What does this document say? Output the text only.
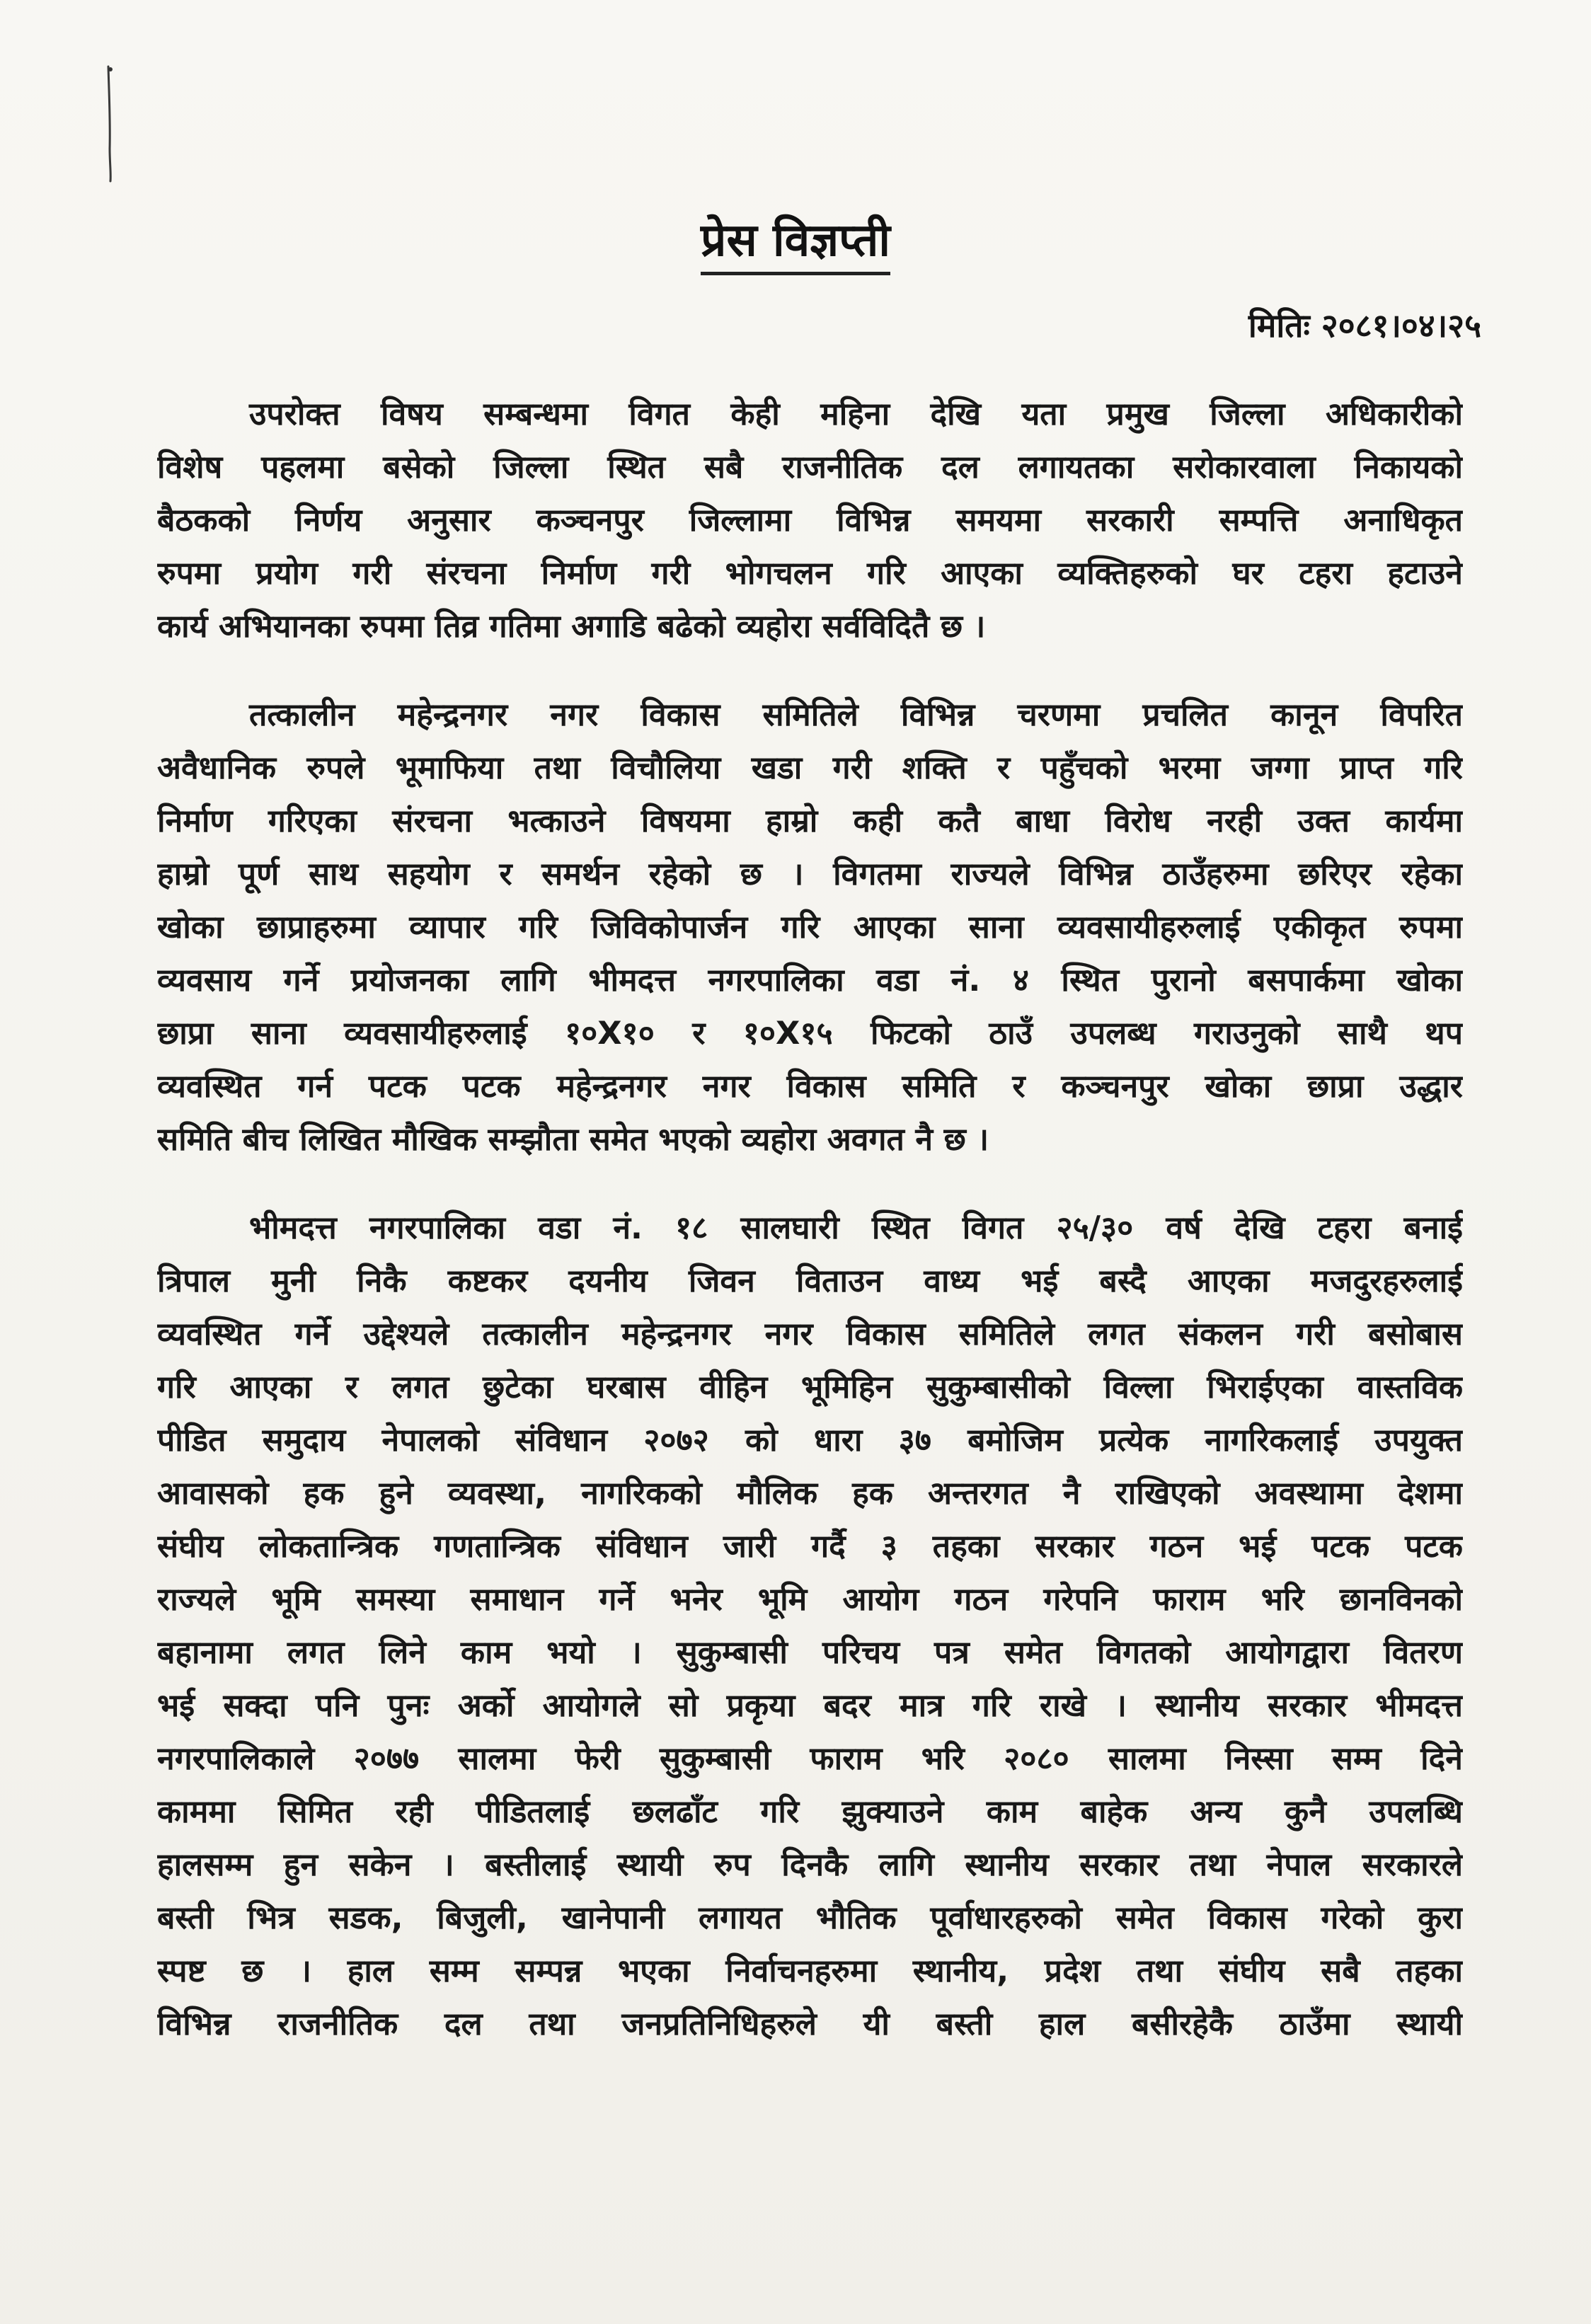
प्रेस विज्ञप्ती
मितिः २०८१।०४।२५
उपरोक्त विषय सम्बन्धमा विगत केही महिना देखि यता प्रमुख जिल्ला अधिकारीको
विशेष पहलमा बसेको जिल्ला स्थित सबै राजनीतिक दल लगायतका सरोकारवाला निकायको
बैठकको निर्णय अनुसार कञ्चनपुर जिल्लामा विभिन्न समयमा सरकारी सम्पत्ति अनाधिकृत
रुपमा प्रयोग गरी संरचना निर्माण गरी भोगचलन गरि आएका व्यक्तिहरुको घर टहरा हटाउने
कार्य अभियानका रुपमा तिव्र गतिमा अगाडि बढेको व्यहोरा सर्वविदितै छ ।
तत्कालीन महेन्द्रनगर नगर विकास समितिले विभिन्न चरणमा प्रचलित कानून विपरित
अवैधानिक रुपले भूमाफिया तथा विचौलिया खडा गरी शक्ति र पहुँचको भरमा जग्गा प्राप्त गरि
निर्माण गरिएका संरचना भत्काउने विषयमा हाम्रो कही कतै बाधा विरोध नरही उक्त कार्यमा
हाम्रो पूर्ण साथ सहयोग र समर्थन रहेको छ । विगतमा राज्यले विभिन्न ठाउँहरुमा छरिएर रहेका
खोका छाप्राहरुमा व्यापार गरि जिविकोपार्जन गरि आएका साना व्यवसायीहरुलाई एकीकृत रुपमा
व्यवसाय गर्ने प्रयोजनका लागि भीमदत्त नगरपालिका वडा नं. ४ स्थित पुरानो बसपार्कमा खोका
छाप्रा साना व्यवसायीहरुलाई १०X१० र १०X१५ फिटको ठाउँ उपलब्ध गराउनुको साथै थप
व्यवस्थित गर्न पटक पटक महेन्द्रनगर नगर विकास समिति र कञ्चनपुर खोका छाप्रा उद्धार
समिति बीच लिखित मौखिक सम्झौता समेत भएको व्यहोरा अवगत नै छ ।
भीमदत्त नगरपालिका वडा नं. १८ सालघारी स्थित विगत २५/३० वर्ष देखि टहरा बनाई
त्रिपाल मुनी निकै कष्टकर दयनीय जिवन विताउन वाध्य भई बस्दै आएका मजदुरहरुलाई
व्यवस्थित गर्ने उद्देश्यले तत्कालीन महेन्द्रनगर नगर विकास समितिले लगत संकलन गरी बसोबास
गरि आएका र लगत छुटेका घरबास वीहिन भूमिहिन सुकुम्बासीको विल्ला भिराईएका वास्तविक
पीडित समुदाय नेपालको संविधान २०७२ को धारा ३७ बमोजिम प्रत्येक नागरिकलाई उपयुक्त
आवासको हक हुने व्यवस्था, नागरिकको मौलिक हक अन्तरगत नै राखिएको अवस्थामा देशमा
संघीय लोकतान्त्रिक गणतान्त्रिक संविधान जारी गर्दै ३ तहका सरकार गठन भई पटक पटक
राज्यले भूमि समस्या समाधान गर्ने भनेर भूमि आयोग गठन गरेपनि फाराम भरि छानविनको
बहानामा लगत लिने काम भयो । सुकुम्बासी परिचय पत्र समेत विगतको आयोगद्वारा वितरण
भई सक्दा पनि पुनः अर्को आयोगले सो प्रकृया बदर मात्र गरि राखे । स्थानीय सरकार भीमदत्त
नगरपालिकाले २०७७ सालमा फेरी सुकुम्बासी फाराम भरि २०८० सालमा निस्सा सम्म दिने
काममा सिमित रही पीडितलाई छलढाँट गरि झुक्याउने काम बाहेक अन्य कुनै उपलब्धि
हालसम्म हुन सकेन । बस्तीलाई स्थायी रुप दिनकै लागि स्थानीय सरकार तथा नेपाल सरकारले
बस्ती भित्र सडक, बिजुली, खानेपानी लगायत भौतिक पूर्वाधारहरुको समेत विकास गरेको कुरा
स्पष्ट छ । हाल सम्म सम्पन्न भएका निर्वाचनहरुमा स्थानीय, प्रदेश तथा संघीय सबै तहका
विभिन्न राजनीतिक दल तथा जनप्रतिनिधिहरुले यी बस्ती हाल बसीरहेकै ठाउँमा स्थायी
